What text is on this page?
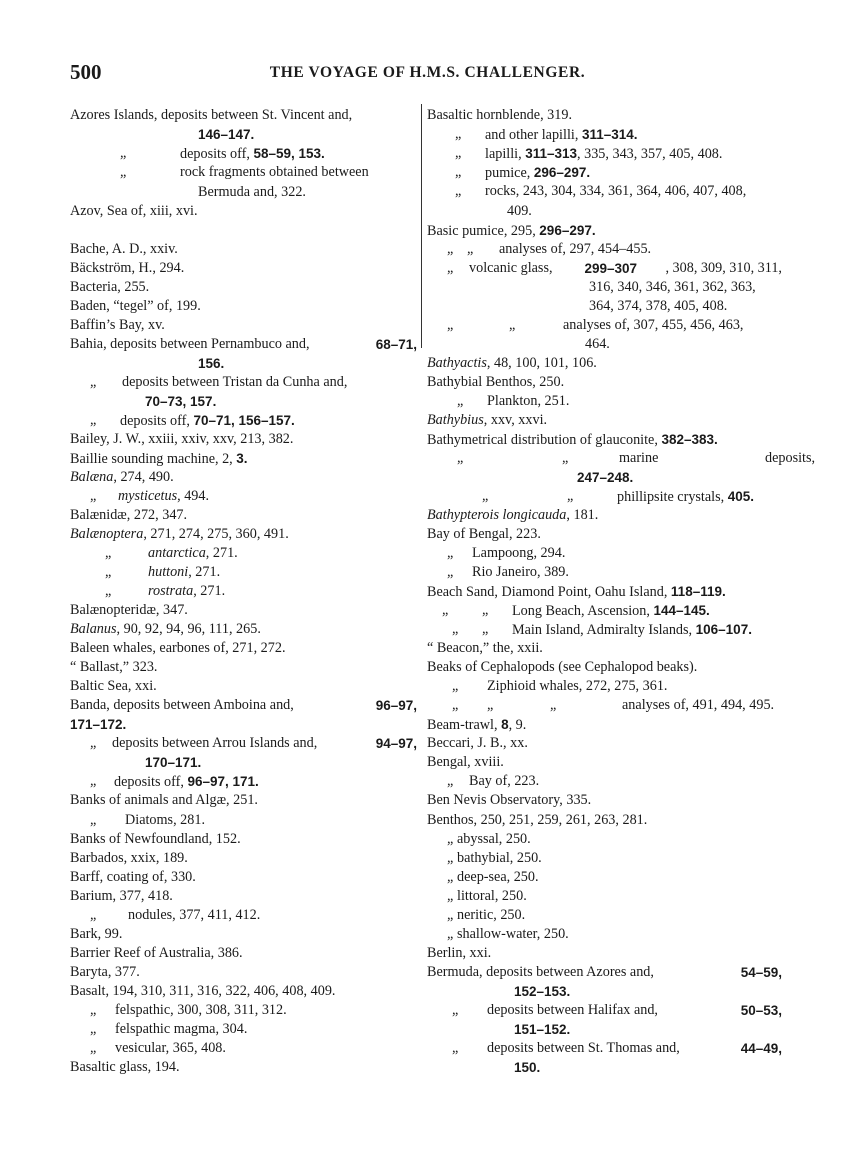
500	THE VOYAGE OF H.M.S. CHALLENGER.
Azores Islands, deposits between St. Vincent and,
146–147.
„	deposits off, 58–59, 153.
„	rock fragments obtained between
Bermuda and, 322.
Azov, Sea of, xiii, xvi.
Bache, A. D., xxiv.
Bäckström, H., 294.
Bacteria, 255.
Baden, “tegel” of, 199.
Baffin’s Bay, xv.
Bahia, deposits between Pernambuco and,	68–71,
156.
„ deposits between Tristan da Cunha and,
70–73, 157.
„ deposits off, 70–71, 156–157.
Bailey, J. W., xxiii, xxiv, xxv, 213, 382.
Baillie sounding machine, 2, 3.
Balæna, 274, 490.
„ mysticetus, 494.
Balænidæ, 272, 347.
Balænoptera, 271, 274, 275, 360, 491.
„	antarctica, 271.
„	huttoni, 271.
„	rostrata, 271.
Balænopteridæ, 347.
Balanus, 90, 92, 94, 96, 111, 265.
Baleen whales, earbones of, 271, 272.
“ Ballast,” 323.
Baltic Sea, xxi.
Banda, deposits between Amboina and,	96–97,
171–172.
„ deposits between Arrou Islands and,	94–97,
170–171.
„ deposits off, 96–97, 171.
Banks of animals and Algæ, 251.
„ Diatoms, 281.
Banks of Newfoundland, 152.
Barbados, xxix, 189.
Barff, coating of, 330.
Barium, 377, 418.
„ nodules, 377, 411, 412.
Bark, 99.
Barrier Reef of Australia, 386.
Baryta, 377.
Basalt, 194, 310, 311, 316, 322, 406, 408, 409.
„ felspathic, 300, 308, 311, 312.
„ felspathic magma, 304.
„ vesicular, 365, 408.
Basaltic glass, 194.
Basaltic hornblende, 319.
„ and other lapilli, 311–314.
„ lapilli, 311–313, 335, 343, 357, 405, 408.
„ pumice, 296–297.
„ rocks, 243, 304, 334, 361, 364, 406, 407, 408,
409.
Basic pumice, 295, 296–297.
„ „ analyses of, 297, 454–455.
„ volcanic glass, 299–307 , 308, 309, 310, 311,
316, 340, 346, 361, 362, 363,
364, 374, 378, 405, 408.
„	„	analyses of, 307, 455, 456, 463,
464.
Bathyactis, 48, 100, 101, 106.
Bathybial Benthos, 250.
„ Plankton, 251.
Bathybius, xxv, xxvi.
Bathymetrical distribution of glauconite, 382–383.
„	„	marine	deposits,
247–248.
„	„	phillipsite crystals, 405.
Bathypterois longicauda, 181.
Bay of Bengal, 223.
„ Lampoong, 294.
„ Rio Janeiro, 389.
Beach Sand, Diamond Point, Oahu Island, 118–119.
„ „ Long Beach, Ascension, 144–145.
„ „ Main Island, Admiralty Islands, 106–107.
“ Beacon,” the, xxii.
Beaks of Cephalopods (see Cephalopod beaks).
„ Ziphioid whales, 272, 275, 361.
„ „	„	analyses of, 491, 494, 495.
Beam-trawl, 8, 9.
Beccari, J. B., xx.
Bengal, xviii.
„ Bay of, 223.
Ben Nevis Observatory, 335.
Benthos, 250, 251, 259, 261, 263, 281.
„ abyssal, 250.
„ bathybial, 250.
„ deep-sea, 250.
„ littoral, 250.
„ neritic, 250.
„ shallow-water, 250.
Berlin, xxi.
Bermuda, deposits between Azores and,	54–59,
152–153.
„ deposits between Halifax and,	50–53,
151–152.
„ deposits between St. Thomas and,	44–49,
150.
